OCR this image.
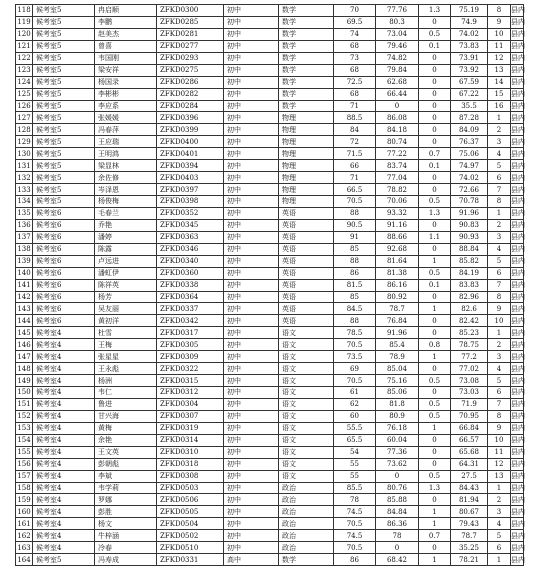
118	候考室5	冉启顺	ZFKD0300	初中	数学	70	77.76	1.3	75.19	8	县内
119	候考室5	李鹏	ZFKD0285	初中	数学	69.5	80.3	0	74.9	9	县内
120	候考室5	赵美杰	ZFKD0281	初中	数学	74	73.04	0.5	74.02	10	县内
121	候考室5	曾喜	ZFKD0277	初中	数学	68	79.46	0.1	73.83	11	县内
122	候考室5	韦国刚	ZFKD0293	初中	数学	73	74.82	0	73.91	12	县内
123	候考室5	梁安祥	ZFKD0275	初中	数学	68	79.84	0	73.92	13	县内
124	候考室5	杨国录	ZFKD0286	初中	数学	72.5	62.68	0	67.59	14	县内
125	候考室5	李彬彬	ZFKD0282	初中	数学	68	66.44	0	67.22	15	县内
126	候考室5	李应系	ZFKD0284	初中	数学	71	0	0	35.5	16	县内
127	候考室5	张媛媛	ZFKD0396	初中	物理	88.5	86.08	0	87.28	1	县内
128	候考室5	冯春萍	ZFKD0399	初中	物理	84	84.18	0	84.09	2	县内
129	候考室5	王应瑞	ZFKD0400	初中	物理	72	80.74	0	76.37	3	县内
130	候考室5	王明鸿	ZFKD0401	初中	物理	71.5	77.22	0.7	75.06	4	县内
131	候考室5	梁显林	ZFKD0394	初中	物理	66	83.74	0.1	74.97	5	县内
132	候考室5	余佐修	ZFKD0403	初中	物理	71	77.04	0	74.02	6	县内
133	候考室5	岑泽恩	ZFKD0397	初中	物理	66.5	78.82	0	72.66	7	县内
134	候考室5	杨俊梅	ZFKD0398	初中	物理	70.5	70.06	0.5	70.78	8	县内
135	候考室6	毛春兰	ZFKD0352	初中	英语	88	93.32	1.3	91.96	1	县内
136	候考室6	乔艳	ZFKD0345	初中	英语	90.5	91.16	0	90.83	2	县内
137	候考室6	潘婷	ZFKD0363	初中	英语	91	88.66	1.1	90.93	3	县内
138	候考室6	陈露	ZFKD0346	初中	英语	85	92.68	0	88.84	4	县内
139	候考室6	卢远进	ZFKD0340	初中	英语	88	81.64	1	85.82	5	县内
140	候考室6	潘虹伊	ZFKD0360	初中	英语	86	81.38	0.5	84.19	6	县内
141	候考室6	陈祥英	ZFKD0338	初中	英语	81.5	86.16	0.1	83.83	7	县内
142	候考室6	杨芳	ZFKD0364	初中	英语	85	80.92	0	82.96	8	县内
143	候考室6	吴友丽	ZFKD0337	初中	英语	84.5	78.7	1	82.6	9	县内
144	候考室6	黄初洋	ZFKD0342	初中	英语	88	76.84	0	82.42	10	县内
145	候考室4	杜雪	ZFKD0317	初中	语文	78.5	91.96	0	85.23	1	县内
146	候考室4	王梅	ZFKD0305	初中	语文	70.5	85.4	0.8	78.75	2	县内
147	候考室4	张星星	ZFKD0309	初中	语文	73.5	78.9	1	77.2	3	县内
148	候考室4	王永彪	ZFKD0322	初中	语文	69	85.04	0	77.02	4	县内
149	候考室4	杨洲	ZFKD0315	初中	语文	70.5	75.16	0.5	73.08	5	县内
150	候考室4	韦仁	ZFKD0312	初中	语文	61	85.06	0	73.03	6	县内
151	候考室4	鲁进	ZFKD0304	初中	语文	62	81.8	0.5	71.9	7	县内
152	候考室4	甘兴海	ZFKD0307	初中	语文	60	80.9	0.5	70.95	8	县内
153	候考室4	黄梅	ZFKD0319	初中	语文	55.5	76.18	1	66.84	9	县内
154	候考室4	余艳	ZFKD0314	初中	语文	65.5	60.04	0	66.57	10	县内
155	候考室4	王文英	ZFKD0310	初中	语文	54	77.36	0	65.68	11	县内
156	候考室4	彭朝彪	ZFKD0318	初中	语文	55	73.62	0	64.31	12	县内
157	候考室4	李斌	ZFKD0308	初中	语文	55	0	0.5	27.5	13	县内
158	候考室4	韦学莉	ZFKD0503	初中	政治	85.5	80.76	1.3	84.43	1	县内
159	候考室4	罗娜	ZFKD0506	初中	政治	78	85.88	0	81.94	2	县内
160	候考室4	彭胜	ZFKD0505	初中	政治	74.5	84.84	1	80.67	3	县内
161	候考室4	杨文	ZFKD0504	初中	政治	70.5	86.36	1	79.43	4	县内
162	候考室4	牛梓涵	ZFKD0502	初中	政治	74.5	78	0.7	78.7	5	县内
163	候考室4	冷春	ZFKD0510	初中	政治	70.5	0	0	35.25	6	县内
164	候考室5	冯寿成	ZFKD0331	高中	数学	86	68.42	1	78.21	1	县内
